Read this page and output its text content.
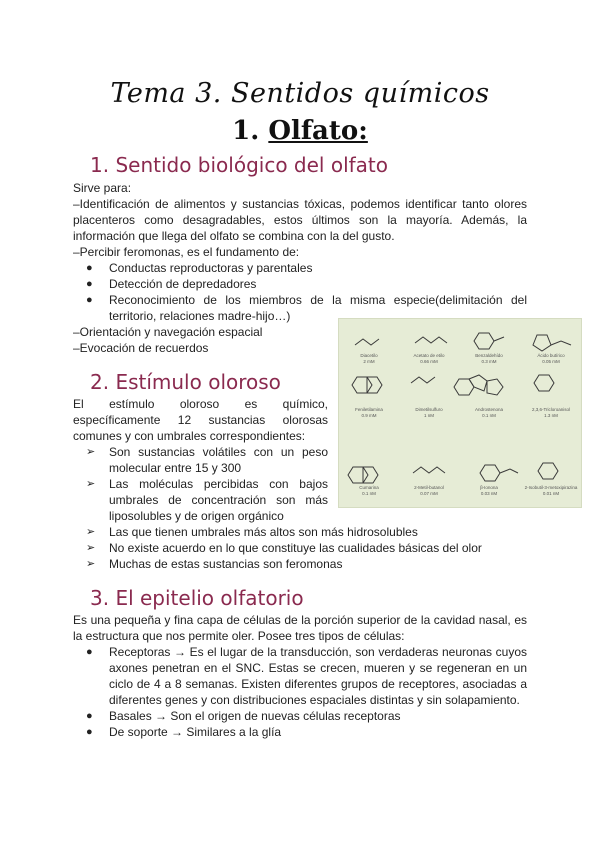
Tema 3. Sentidos químicos
1. Olfato:
1. Sentido biológico del olfato
Sirve para:
–Identificación de alimentos y sustancias tóxicas, podemos identificar tanto olores
placenteros como desagradables, estos últimos son la mayoría. Además, la
información que llega del olfato se combina con la del gusto.
–Percibir feromonas, es el fundamento de:
● Conductas reproductoras y parentales
● Detección de depredadores
● Reconocimiento de los miembros de la misma especie(delimitación del
territorio, relaciones madre-hijo…)
–Orientación y navegación espacial
–Evocación de recuerdos
Diacetilo
2 mM
Acetato de etilo
0.66 mM
Benzaldehído
0.3 mM
Ácido butírico
0.05 mM
Feniletilamina
0.9 mM
Dimetilsulfuro
1 nM
Androstenona
0.1 nM
2,3,6-Tricloroanisol
1.3 nM
Cumarina
0.1 nM
2-Metil-butanol
0.07 mM
β-Ionona
0.03 nM
2-Isobutil-3-metoxipirazina
0.01 nM
2. Estímulo oloroso
El estímulo oloroso es químico,
específicamente 12 sustancias olorosas
comunes y con umbrales correspondientes:
➢ Son sustancias volátiles con un peso
molecular entre 15 y 300
➢ Las moléculas percibidas con bajos
umbrales de concentración son más
liposolubles y de origen orgánico
➢ Las que tienen umbrales más altos son más hidrosolubles
➢ No existe acuerdo en lo que constituye las cualidades básicas del olor
➢ Muchas de estas sustancias son feromonas
3. El epitelio olfatorio
Es una pequeña y fina capa de células de la porción superior de la cavidad nasal, es
la estructura que nos permite oler. Posee tres tipos de células:
● Receptoras → Es el lugar de la transducción, son verdaderas neuronas cuyos
axones penetran en el SNC. Estas se crecen, mueren y se regeneran en un
ciclo de 4 a 8 semanas. Existen diferentes grupos de receptores, asociadas a
diferentes genes y con distribuciones espaciales distintas y sin solapamiento.
● Basales → Son el origen de nuevas células receptoras
● De soporte → Similares a la glía
